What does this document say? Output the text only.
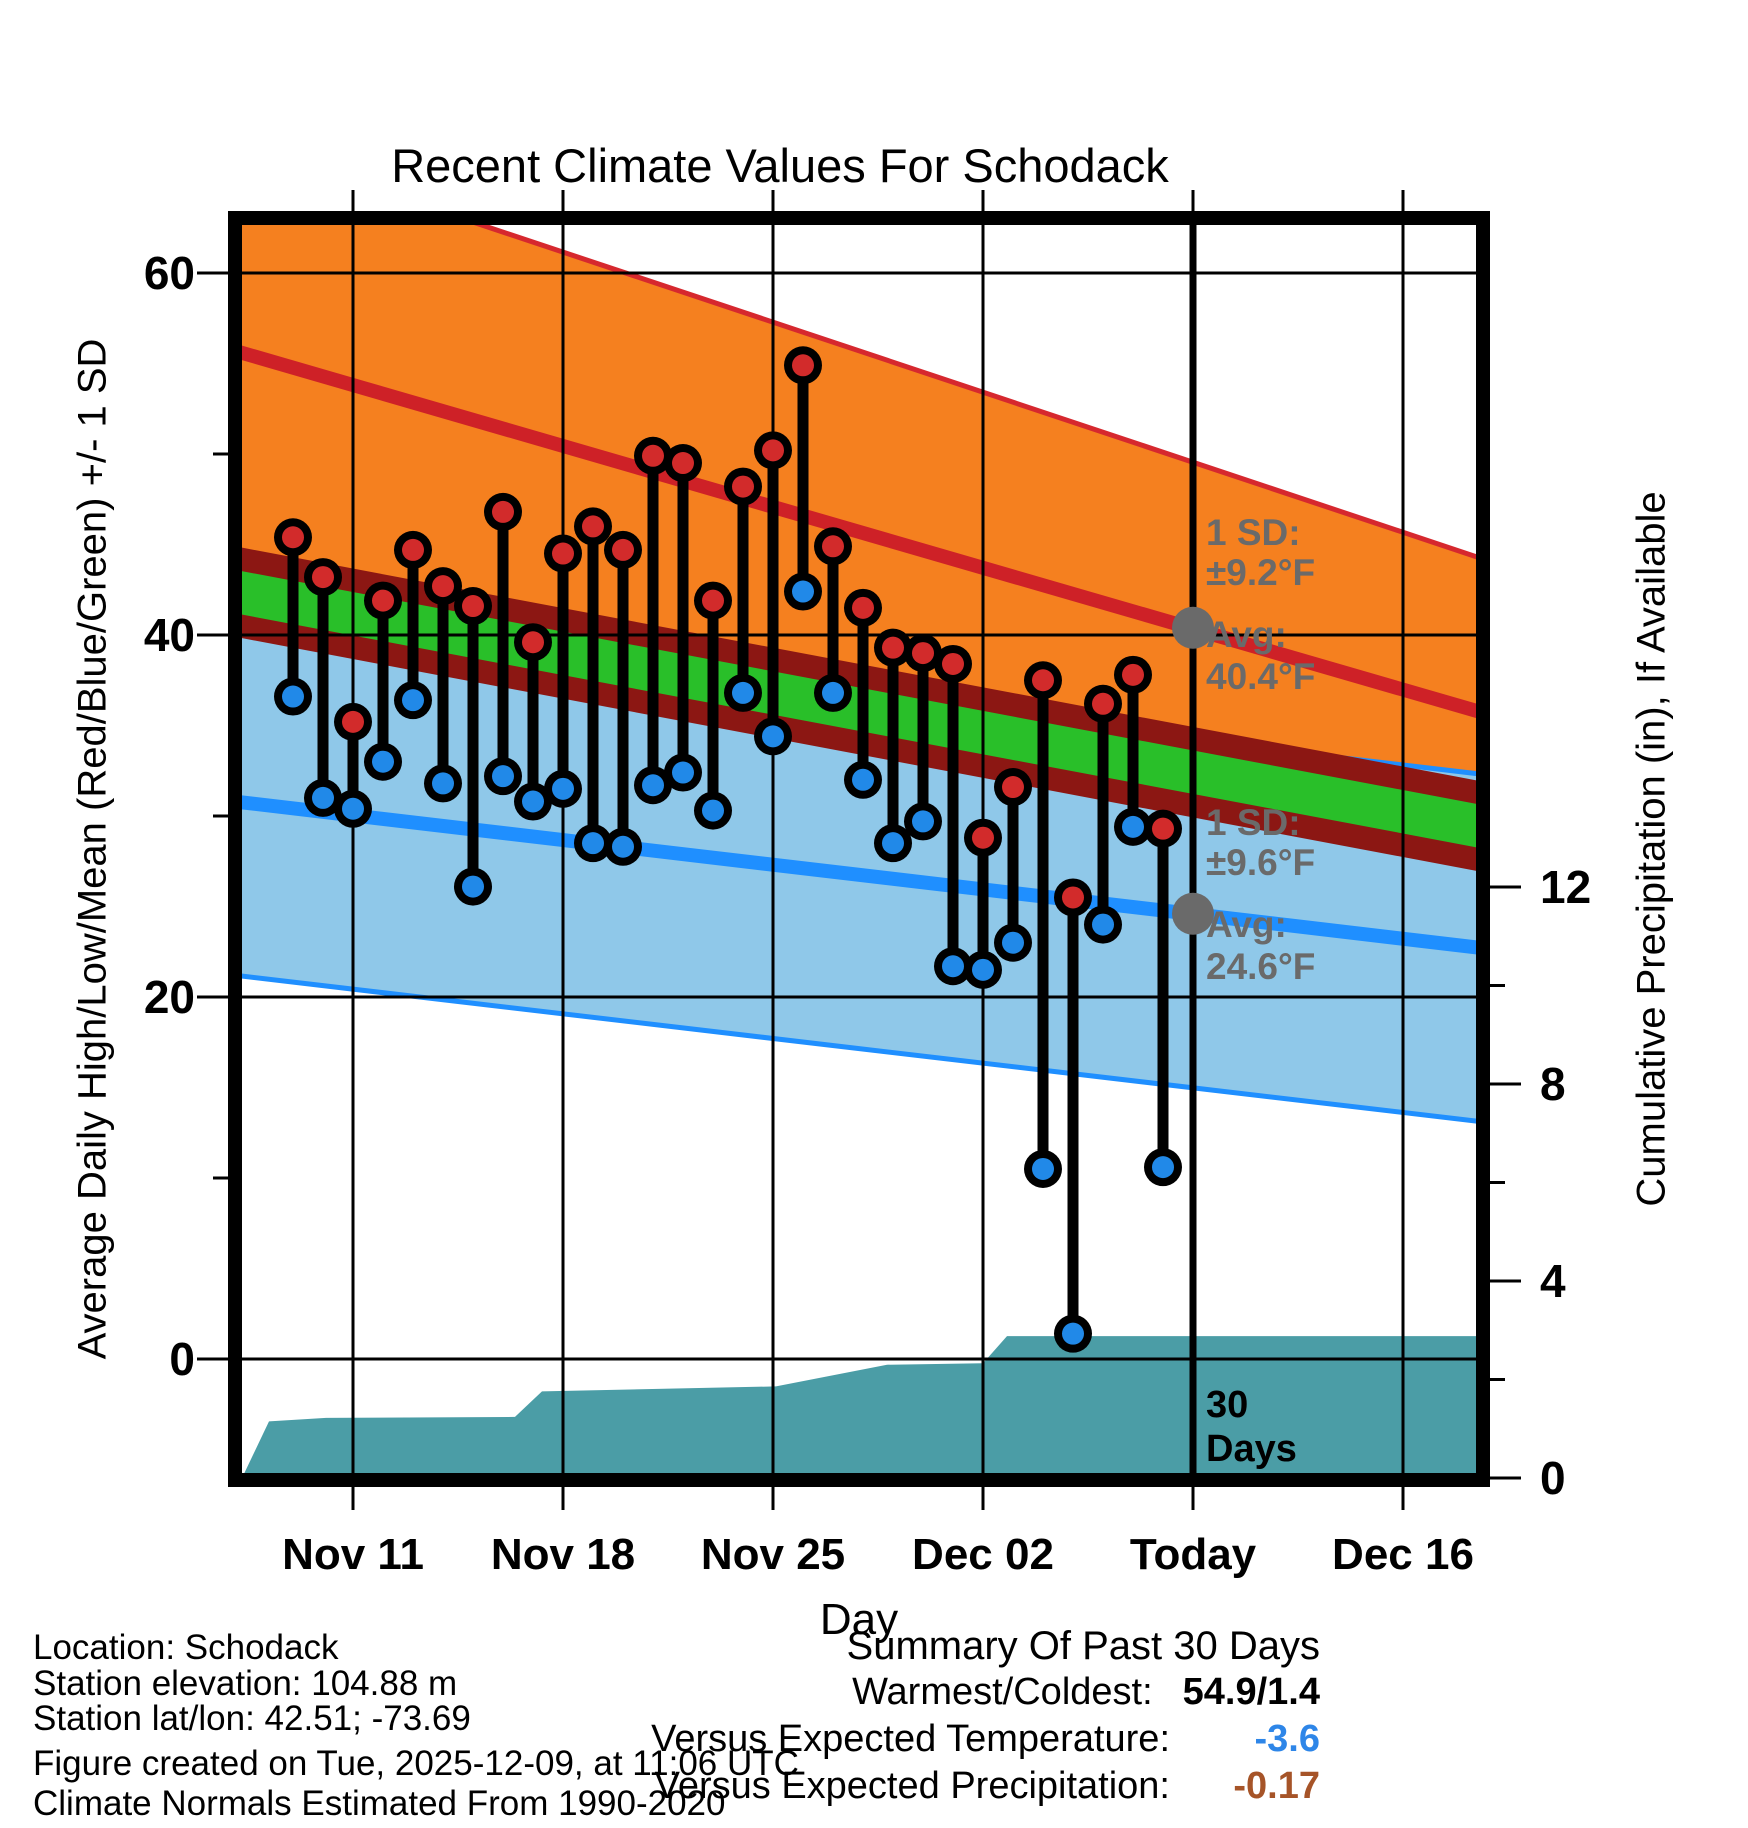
Recent Climate Values For Schodack
Average Daily High/Low/Mean (Red/Blue/Green) +/- 1 SD	Cumulative Precipitation (in), If Available
60
40
20
0
12
8
4
0
Nov 11 Nov 18 Nov 25 Dec 02 Today Dec 16
Day
1 SD:
±9.2°F
Avg:
40.4°F
1 SD:
±9.6°F
Avg:
24.6°F
30
Days
Location: Schodack
Station elevation: 104.88 m
Station lat/lon: 42.51; -73.69
Figure created on Tue, 2025-12-09, at 11:06 UTC
Climate Normals Estimated From 1990-2020
Summary Of Past 30 Days
Warmest/Coldest: 54.9/1.4
Versus Expected Temperature: -3.6
Versus Expected Precipitation: -0.17
